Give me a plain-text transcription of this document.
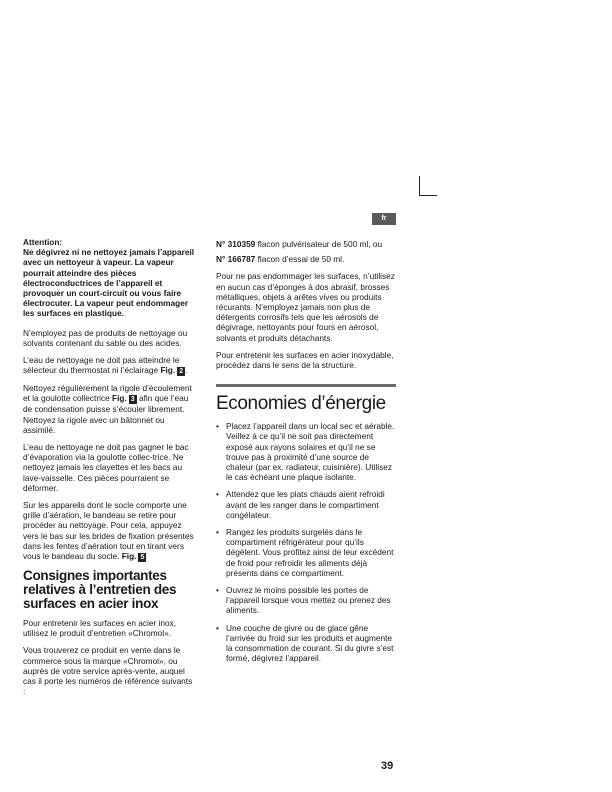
fr
Attention:
Ne dégivrez ni ne nettoyez jamais l’appareil avec un nettoyeur à vapeur. La vapeur pourrait atteindre des pièces électroconductrices de l’appareil et provoquer un court-circuit ou vous faire électrocuter. La vapeur peut endommager les surfaces en plastique.

N’employez pas de produits de nettoyage ou solvants contenant du sable ou des acides.

L’eau de nettoyage ne doit pas atteindre le sélecteur du thermostat ni l’éclairage Fig. 2 .

Nettoyez régulièrement la rigole d’écoulement et la goulotte collectrice Fig. 3 afin que l’eau de condensation puisse s’écouler librement.
Nettoyez la rigole avec un bâtonnet ou assimilé.

L’eau de nettoyage ne doit pas gagner le bac d’évaporation via la goulotte collec-trice. Ne nettoyez jamais les clayettes et les bacs au lave-vaisselle. Ces pièces pourraient se déformer.

Sur les appareils dont le socle comporte une grille d’aération, le bandeau se retire pour procéder au nettoyage. Pour cela, appuyez vers le bas sur les brides de fixation présentes dans les fentes d’aération tout en tirant vers vous le bandeau du socle. Fig. 5

Consignes importantes relatives à l’entretien des surfaces en acier inox

Pour entretenir les surfaces en acier inox, utilisez le produit d’entretien «Chromol».

Vous trouverez ce produit en vente dans le commerce sous la marque «Chromol», ou auprès de votre service après-vente, auquel cas il porte les numéros de référence suivants :

N° 310359 flacon pulvérisateur de 500 ml, ou

N° 166787 flacon d’essai de 50 ml.

Pour ne pas endommager les surfaces, n’utilisez en aucun cas d’éponges à dos abrasif, brosses métalliques, objets à arêtes vives ou produits récurants. N’employez jamais non plus de détergents corrosifs tels que les aérosols de dégivrage, nettoyants pour fours en aérosol, solvants et produits détachants.

Pour entretenir les surfaces en acier inoxydable, procédez dans le sens de la structure.

Economies d’énergie
• Placez l’appareil dans un local sec et aérable. Veillez à ce qu’il ne soit pas directement exposé aux rayons solaires et qu’il ne se trouve pas à proximité d’une source de chaleur (par ex. radiateur, cuisinière). Utilisez le cas échéant une plaque isolante.
• Attendez que les plats chauds aient refroidi avant de les ranger dans le compartiment congélateur.
• Rangez les produits surgelés dans le compartiment réfrigérateur pour qu’ils dégèlent. Vous profitez ainsi de leur excédent de froid pour refroidir les aliments déjà présents dans ce compartiment.
• Ouvrez le moins possible les portes de l’appareil lorsque vous mettez ou prenez des aliments.
• Une couche de givre ou de glace gêne l’arrivée du froid sur les produits et augmente la consommation de courant. Si du givre s’est formé, dégivrez l’appareil.
39
